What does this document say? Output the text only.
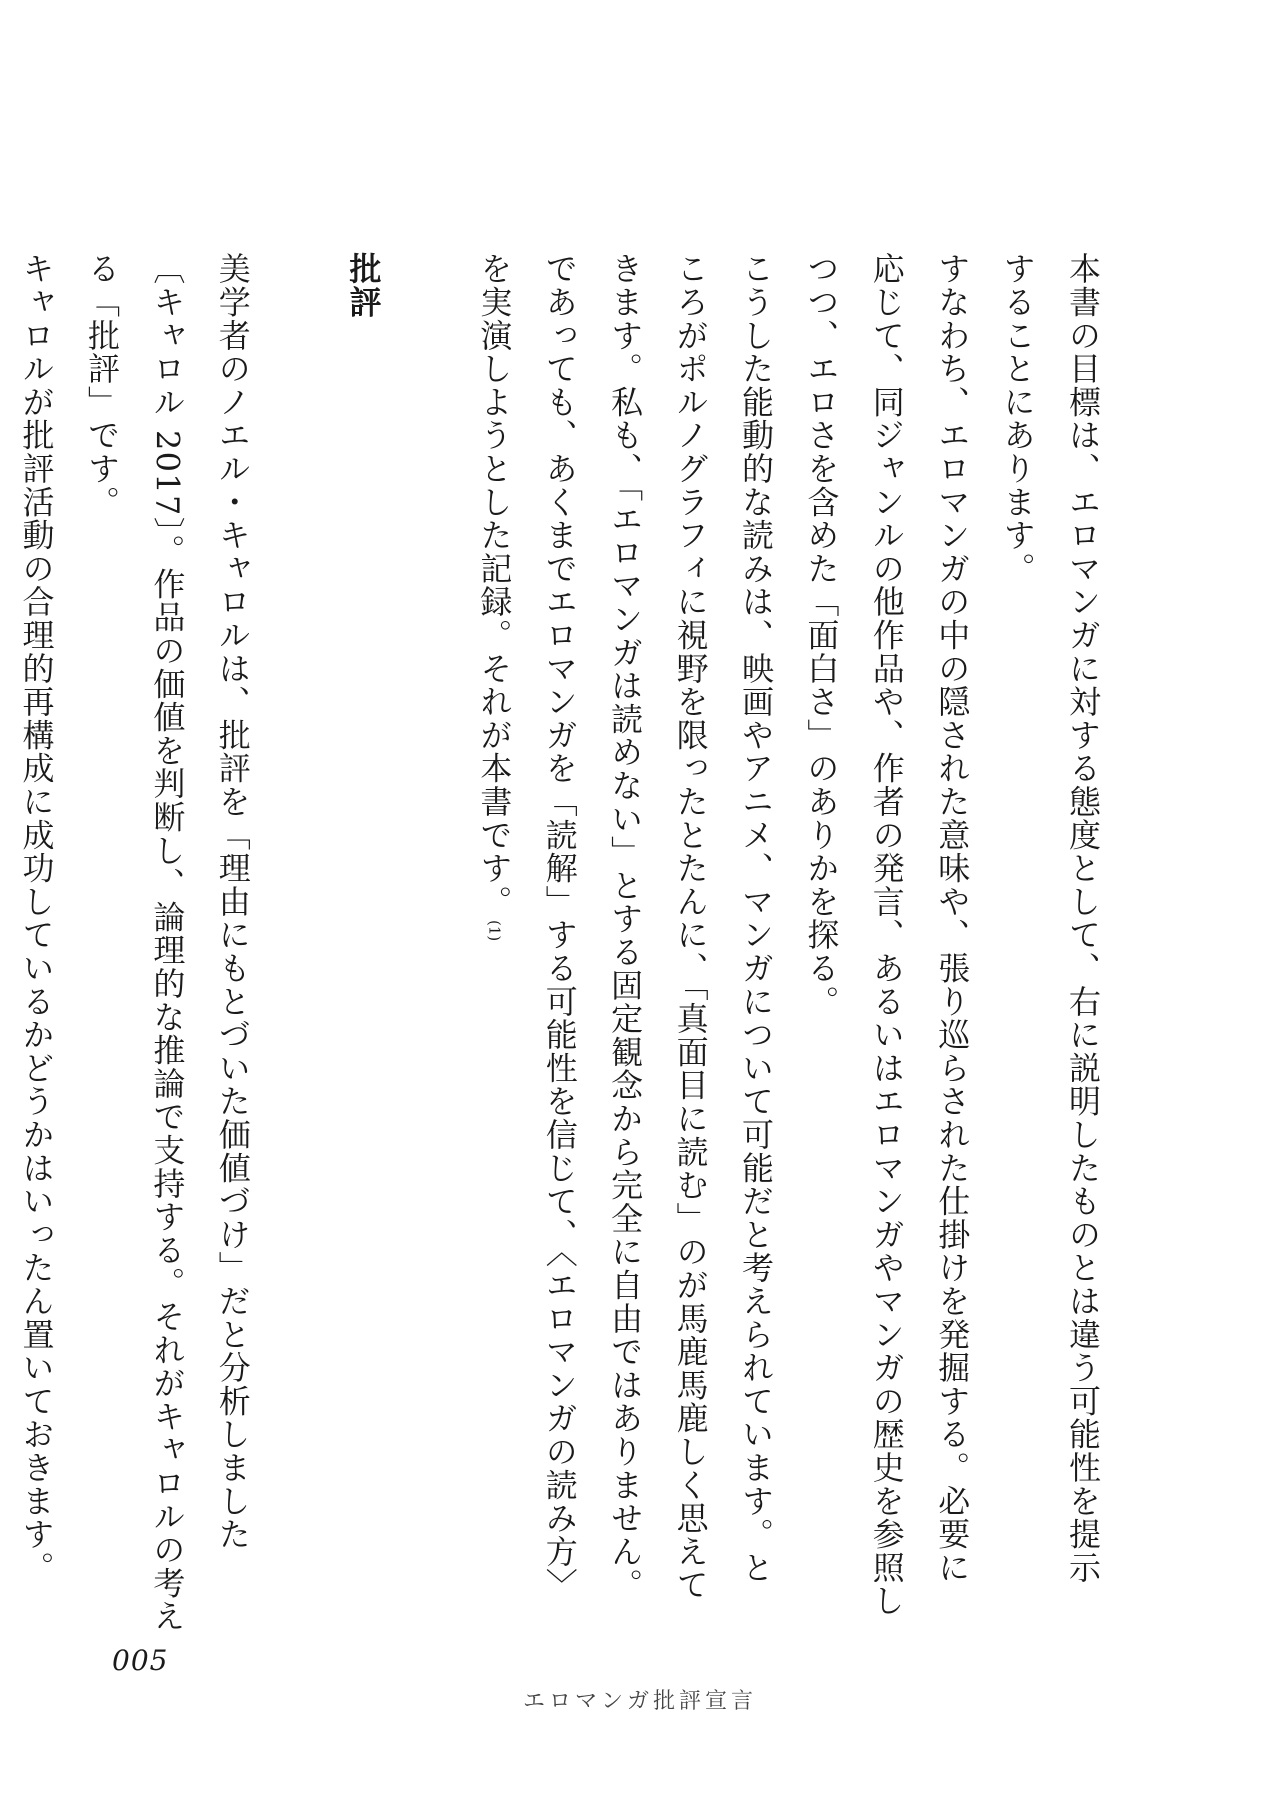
本書の目標は、エロマンガに対する態度として、右に説明したものとは違う可能性を提示
することにあります。
すなわち、エロマンガの中の隠された意味や、張り巡らされた仕掛けを発掘する。必要に
応じて、同ジャンルの他作品や、作者の発言、あるいはエロマンガやマンガの歴史を参照し
つつ、エロさを含めた「面白さ」のありかを探る。
こうした能動的な読みは、映画やアニメ、マンガについて可能だと考えられています。と
ころがポルノグラフィに視野を限ったとたんに、「真面目に読む」のが馬鹿馬鹿しく思えて
きます。私も、「エロマンガは読めない」とする固定観念から完全に自由ではありません。
であっても、あくまでエロマンガを「読解」する可能性を信じて、〈エロマンガの読み方〉
を実演しようとした記録。それが本書です。(1)
批評
美学者のノエル・キャロルは、批評を「理由にもとづいた価値づけ」だと分析しました
〔キャロル 2017〕。作品の価値を判断し、論理的な推論で支持する。それがキャロルの考え
る「批評」です。
キャロルが批評活動の合理的再構成に成功しているかどうかはいったん置いておきます。
005
エロマンガ批評宣言
